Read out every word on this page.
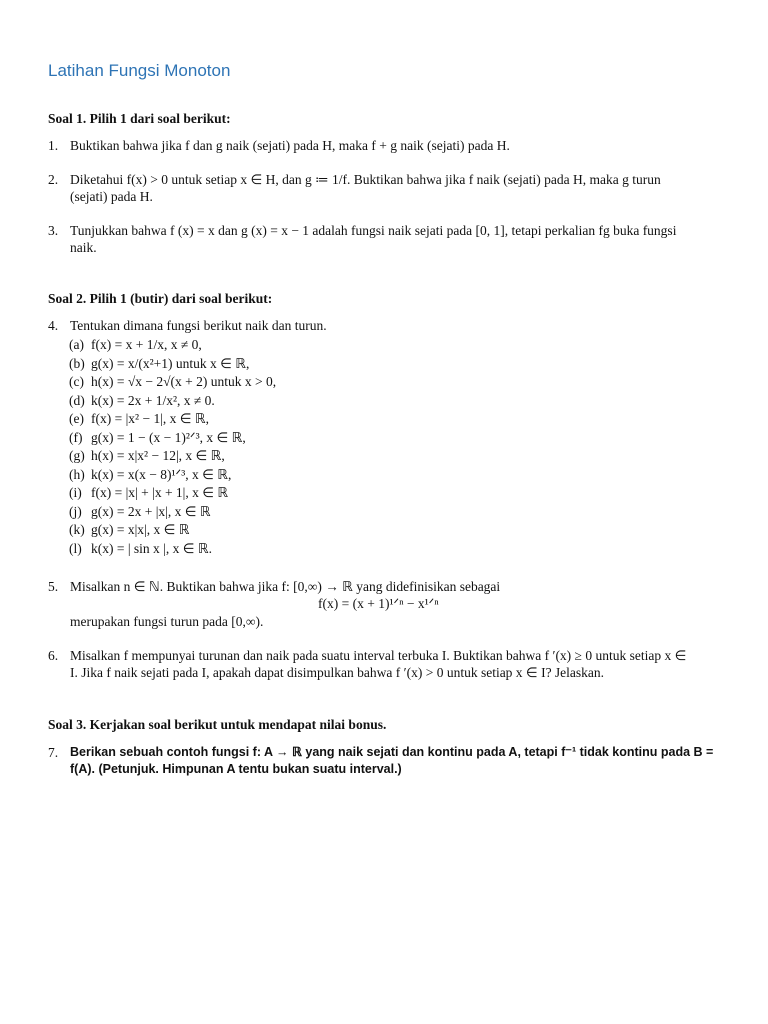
Latihan Fungsi Monoton
Soal 1. Pilih 1 dari soal berikut:
1. Buktikan bahwa jika f dan g naik (sejati) pada H, maka f + g naik (sejati) pada H.
2. Diketahui f(x) > 0 untuk setiap x ∈ H, dan g ≔ 1/f. Buktikan bahwa jika f naik (sejati) pada H, maka g turun
(sejati) pada H.
3. Tunjukkan bahwa f (x) = x dan g (x) = x − 1 adalah fungsi naik sejati pada [0, 1], tetapi perkalian fg buka fungsi
naik.
Soal 2. Pilih 1 (butir) dari soal berikut:
4. Tentukan dimana fungsi berikut naik dan turun.
(a) f(x) = x + 1/x, x ≠ 0,
(b) g(x) = x/(x²+1) untuk x ∈ ℝ,
(c) h(x) = √x − 2√(x + 2) untuk x > 0,
(d) k(x) = 2x + 1/x², x ≠ 0.
(e) f(x) = |x² − 1|, x ∈ ℝ,
(f) g(x) = 1 − (x − 1)²ᐟ³, x ∈ ℝ,
(g) h(x) = x|x² − 12|, x ∈ ℝ,
(h) k(x) = x(x − 8)¹ᐟ³, x ∈ ℝ,
(i) f(x) = |x| + |x + 1|, x ∈ ℝ
(j) g(x) = 2x + |x|, x ∈ ℝ
(k) g(x) = x|x|, x ∈ ℝ
(l) k(x) = | sin x |, x ∈ ℝ.
5. Misalkan n ∈ ℕ. Buktikan bahwa jika f: [0,∞) → ℝ yang didefinisikan sebagai
f(x) = (x + 1)¹ᐟⁿ − x¹ᐟⁿ
merupakan fungsi turun pada [0,∞).
6. Misalkan f mempunyai turunan dan naik pada suatu interval terbuka I. Buktikan bahwa f ′(x) ≥ 0 untuk setiap x ∈
I. Jika f naik sejati pada I, apakah dapat disimpulkan bahwa f ′(x) > 0 untuk setiap x ∈ I? Jelaskan.
Soal 3. Kerjakan soal berikut untuk mendapat nilai bonus.
7. Berikan sebuah contoh fungsi f: A → ℝ yang naik sejati dan kontinu pada A, tetapi f⁻¹ tidak kontinu pada B =
f(A). (Petunjuk. Himpunan A tentu bukan suatu interval.)
